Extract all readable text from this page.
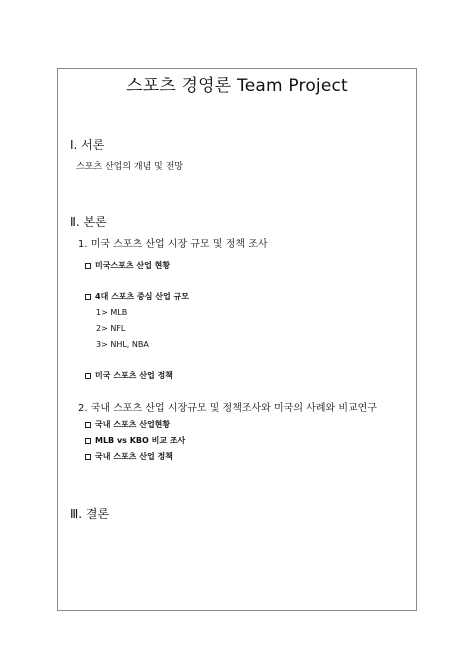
스포츠 경영론 Team Project
Ⅰ. 서론
스포츠 산업의 개념 및 전망
Ⅱ. 본론
1. 미국 스포츠 산업 시장 규모 및 정책 조사
미국스포츠 산업 현황
4대 스포츠 중심 산업 규모
1> MLB
2> NFL
3> NHL, NBA
미국 스포츠 산업 정책
2. 국내 스포츠 산업 시장규모 및 정책조사와 미국의 사례와 비교연구
국내 스포츠 산업현황
MLB vs KBO 비교 조사
국내 스포츠 산업 정책
Ⅲ. 결론
